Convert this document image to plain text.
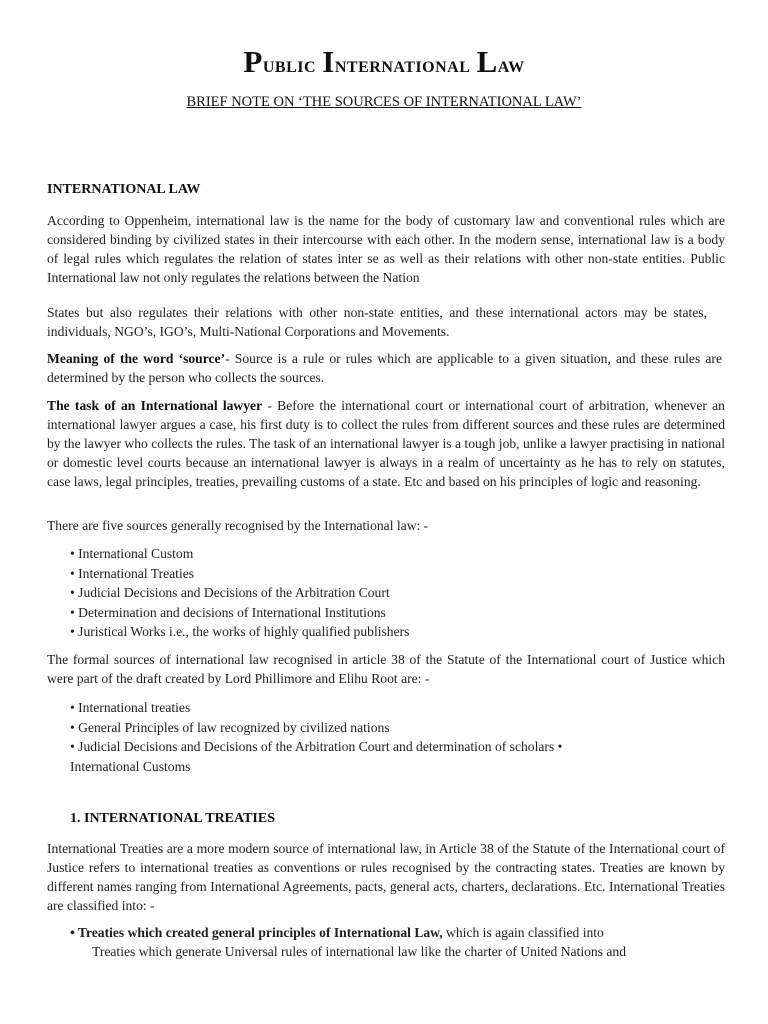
Public International Law
BRIEF NOTE ON ‘THE SOURCES OF INTERNATIONAL LAW’
INTERNATIONAL LAW
According to Oppenheim, international law is the name for the body of customary law and conventional rules which are considered binding by civilized states in their intercourse with each other. In the modern sense, international law is a body of legal rules which regulates the relation of states inter se as well as their relations with other non-state entities. Public International law not only regulates the relations between the Nation
States but also regulates their relations with other non-state entities, and these international actors may be states, individuals, NGO’s, IGO’s, Multi-National Corporations and Movements.
Meaning of the word ‘source’- Source is a rule or rules which are applicable to a given situation, and these rules are determined by the person who collects the sources.
The task of an International lawyer - Before the international court or international court of arbitration, whenever an international lawyer argues a case, his first duty is to collect the rules from different sources and these rules are determined by the lawyer who collects the rules. The task of an international lawyer is a tough job, unlike a lawyer practising in national or domestic level courts because an international lawyer is always in a realm of uncertainty as he has to rely on statutes, case laws, legal principles, treaties, prevailing customs of a state. Etc and based on his principles of logic and reasoning.
There are five sources generally recognised by the International law: -
• International Custom
• International Treaties
• Judicial Decisions and Decisions of the Arbitration Court
• Determination and decisions of International Institutions
• Juristical Works i.e., the works of highly qualified publishers
The formal sources of international law recognised in article 38 of the Statute of the International court of Justice which were part of the draft created by Lord Phillimore and Elihu Root are: -
• International treaties
• General Principles of law recognized by civilized nations
• Judicial Decisions and Decisions of the Arbitration Court and determination of scholars •
International Customs
1. INTERNATIONAL TREATIES
International Treaties are a more modern source of international law, in Article 38 of the Statute of the International court of Justice refers to international treaties as conventions or rules recognised by the contracting states. Treaties are known by different names ranging from International Agreements, pacts, general acts, charters, declarations. Etc. International Treaties are classified into: -
• Treaties which created general principles of International Law, which is again classified into
Treaties which generate Universal rules of international law like the charter of United Nations and
